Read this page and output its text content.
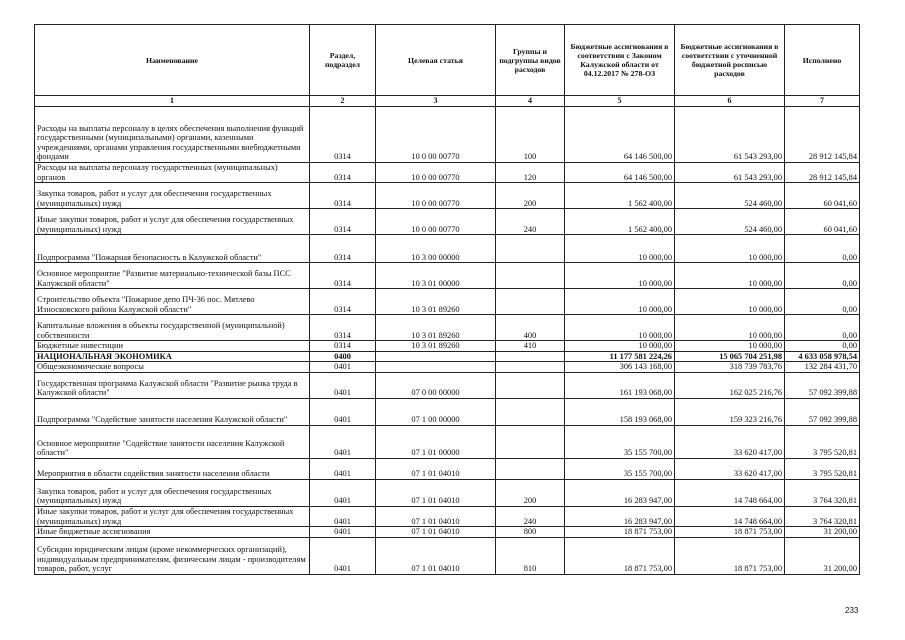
Наименование	Раздел, подраздел	Целевая статья	Группы и подгруппы видов расходов	Бюджетные ассигнования в соответствии с Законом Калужской области от 04.12.2017 № 278-ОЗ	Бюджетные ассигнования в соответствии с уточненной бюджетной росписью расходов	Исполнено
1	2	3	4	5	6	7
Расходы на выплаты персоналу в целях обеспечения выполнения функций государственными (муниципальными) органами, казенными учреждениями, органами управления государственными внебюджетными фондами	0314	10 0 00 00770	100	64 146 500,00	61 543 293,00	28 912 145,84
Расходы на выплаты персоналу государственных (муниципальных) органов	0314	10 0 00 00770	120	64 146 500,00	61 543 293,00	28 912 145,84
Закупка товаров, работ и услуг для обеспечения государственных (муниципальных) нужд	0314	10 0 00 00770	200	1 562 400,00	524 460,00	60 041,60
Иные закупки товаров, работ и услуг для обеспечения государственных (муниципальных) нужд	0314	10 0 00 00770	240	1 562 400,00	524 460,00	60 041,60
Подпрограмма "Пожарная безопасность в Калужской области"	0314	10 3 00 00000		10 000,00	10 000,00	0,00
Основное мероприятие "Развитие материально-технической базы ПСС Калужской области"	0314	10 3 01 00000		10 000,00	10 000,00	0,00
Строительство объекта "Пожарное депо ПЧ-36 пос. Мятлево Износковского района Калужской области"	0314	10 3 01 89260		10 000,00	10 000,00	0,00
Капитальные вложения в объекты государственной (муниципальной) собственности	0314	10 3 01 89260	400	10 000,00	10 000,00	0,00
Бюджетные инвестиции	0314	10 3 01 89260	410	10 000,00	10 000,00	0,00
НАЦИОНАЛЬНАЯ ЭКОНОМИКА	0400			11 177 581 224,26	15 065 704 251,98	4 633 058 978,54
Общеэкономические вопросы	0401			306 143 168,00	318 739 783,76	132 284 431,70
Государственная программа Калужской области "Развитие рынка труда в Калужской области"	0401	07 0 00 00000		161 193 068,00	162 025 216,76	57 092 399,88
Подпрограмма "Содействие занятости населения Калужской области"	0401	07 1 00 00000		158 193 068,00	159 323 216,76	57 092 399,88
Основное мероприятие "Содействие занятости населения Калужской области"	0401	07 1 01 00000		35 155 700,00	33 620 417,00	3 795 520,81
Мероприятия в области содействия занятости населения области	0401	07 1 01 04010		35 155 700,00	33 620 417,00	3 795 520,81
Закупка товаров, работ и услуг для обеспечения государственных (муниципальных) нужд	0401	07 1 01 04010	200	16 283 947,00	14 748 664,00	3 764 320,81
Иные закупки товаров, работ и услуг для обеспечения государственных (муниципальных) нужд	0401	07 1 01 04010	240	16 283 947,00	14 748 664,00	3 764 320,81
Иные бюджетные ассигнования	0401	07 1 01 04010	800	18 871 753,00	18 871 753,00	31 200,00
Субсидии юридическим лицам (кроме некоммерческих организаций), индивидуальным предпринимателям, физическим лицам - производителям товаров, работ, услуг	0401	07 1 01 04010	810	18 871 753,00	18 871 753,00	31 200,00
233
